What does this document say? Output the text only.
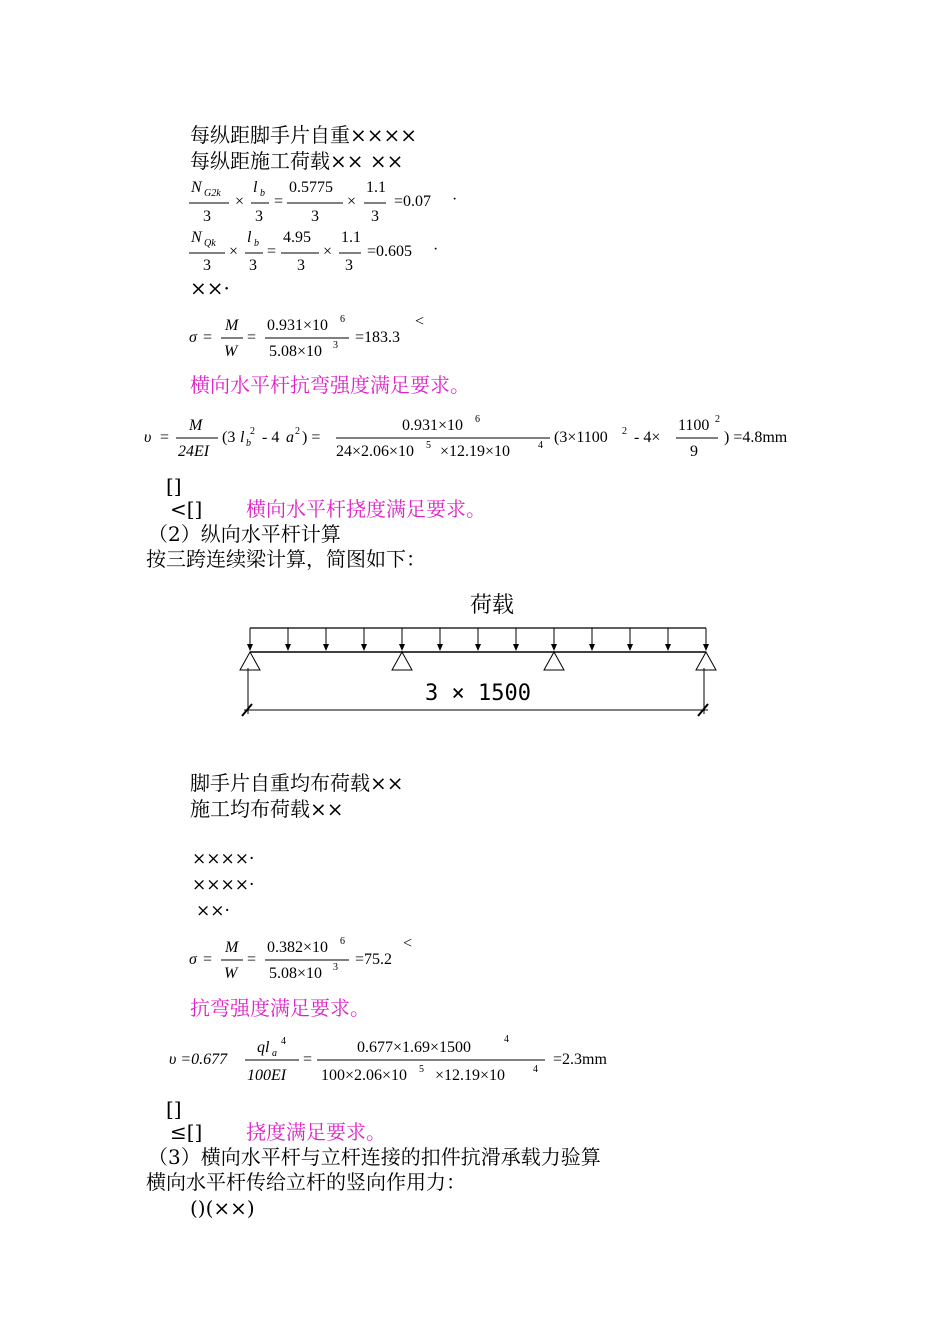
每纵距脚手片自重××××
每纵距施工荷载×× ××
N G2k
3
×
l b
3
=
0.5775
3
×
1.1
3
=0.07 ·
N Qk
3
×
l b
3
=
4.95
3
×
1.1
3
=0.605 ·
××·
σ =
M
W
=
0.931×10 6
5.08×10 3 =183.3
<
横向水平杆抗弯强度满足要求。
υ =
M
24EI
(3 l b
2 - 4 a 2 ) =
0.931×10 6
24×2.06×10 5 ×12.19×10	4 (3×1100 2 - 4×
1100 2
9
) =4.8mm
[]
<[] 横向水平杆挠度满足要求。
（2）纵向水平杆计算
按三跨连续梁计算，简图如下：
荷载
3 × 1500
脚手片自重均布荷载××
施工均布荷载××
××××·
××××·
××·
σ =
M
W
=
0.382×10 6
5.08×10 3 =75.2
<
抗弯强度满足要求。
υ =0.677
ql a
4
100EI
=
0.677×1.69×1500	4
100×2.06×10 5 ×12.19×10	4
=2.3mm
[]
≤[] 挠度满足要求。
（3）横向水平杆与立杆连接的扣件抗滑承载力验算
横向水平杆传给立杆的竖向作用力：
()(××)
